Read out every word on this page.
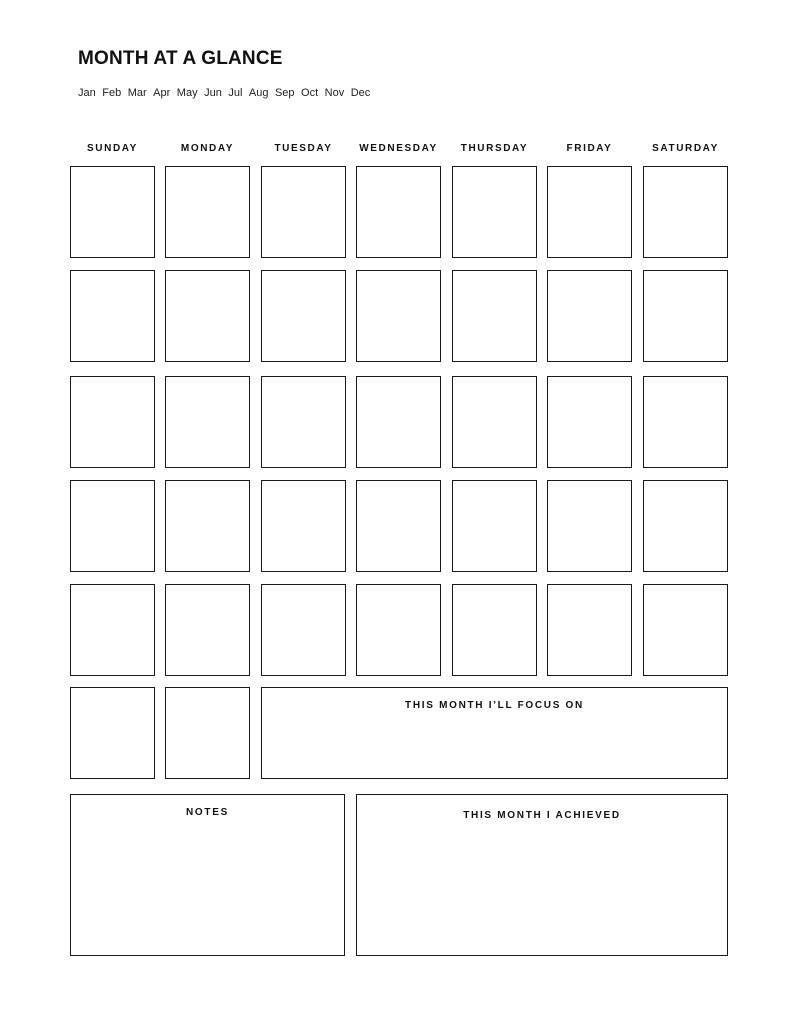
MONTH AT A GLANCE
Jan Feb Mar Apr May Jun Jul Aug Sep Oct Nov Dec
SUNDAY	MONDAY	TUESDAY	WEDNESDAY	THURSDAY	FRIDAY	SATURDAY
THIS MONTH I’LL FOCUS ON
NOTES	THIS MONTH I ACHIEVED
